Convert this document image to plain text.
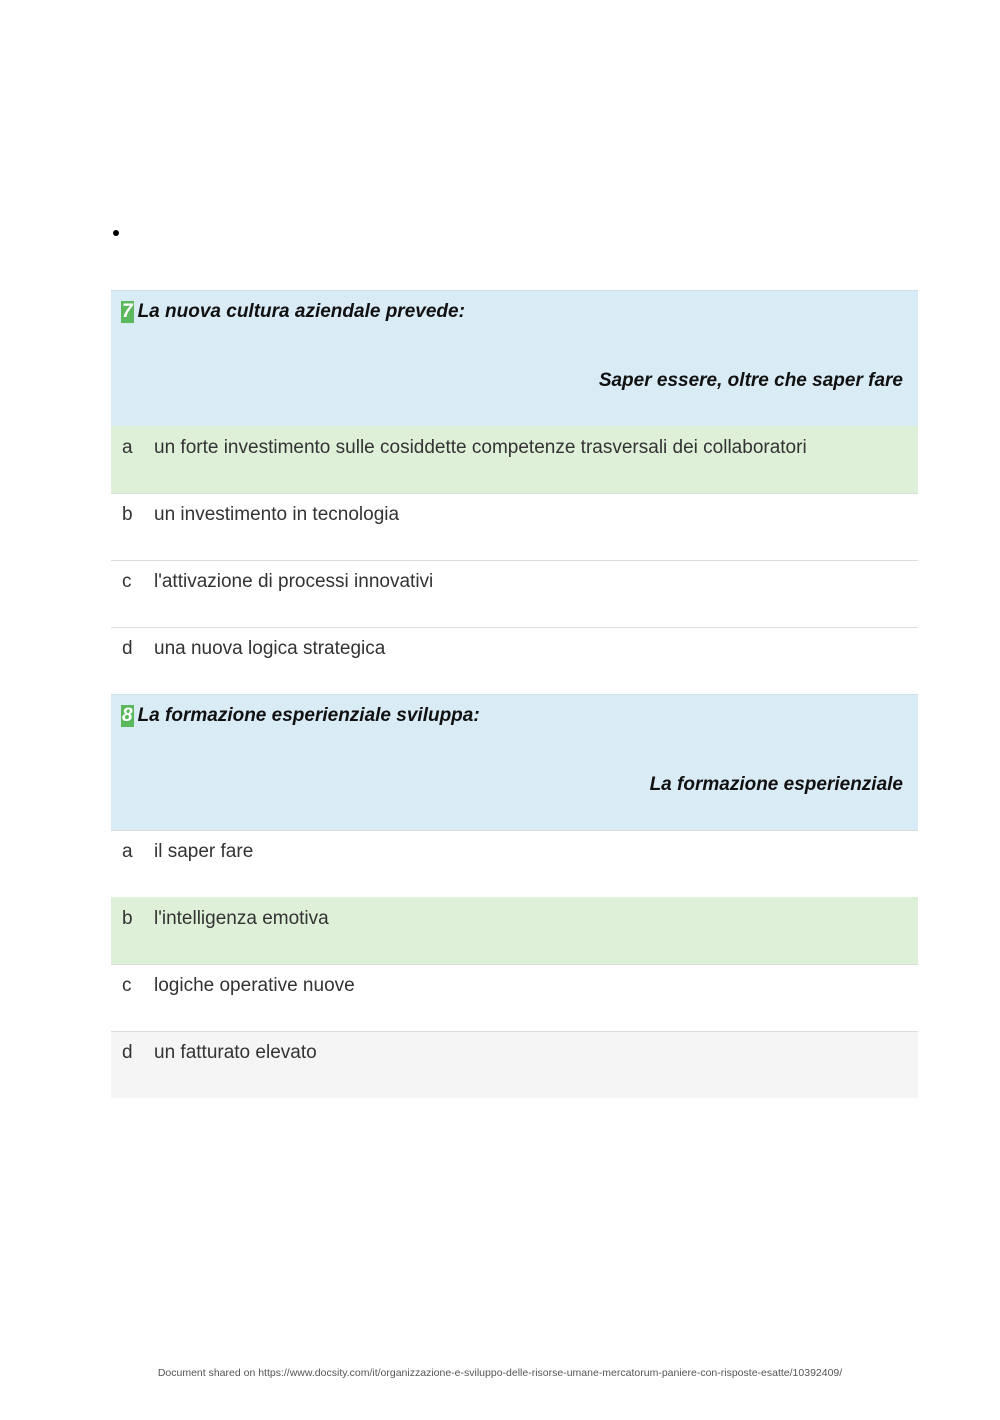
7 La nuova cultura aziendale prevede:
Saper essere, oltre che saper fare
a un forte investimento sulle cosiddette competenze trasversali dei collaboratori
b un investimento in tecnologia
c l'attivazione di processi innovativi
d una nuova logica strategica
8 La formazione esperienziale sviluppa:
La formazione esperienziale
a il saper fare
b l'intelligenza emotiva
c logiche operative nuove
d un fatturato elevato
Document shared on https://www.docsity.com/it/organizzazione-e-sviluppo-delle-risorse-umane-mercatorum-paniere-con-risposte-esatte/10392409/
